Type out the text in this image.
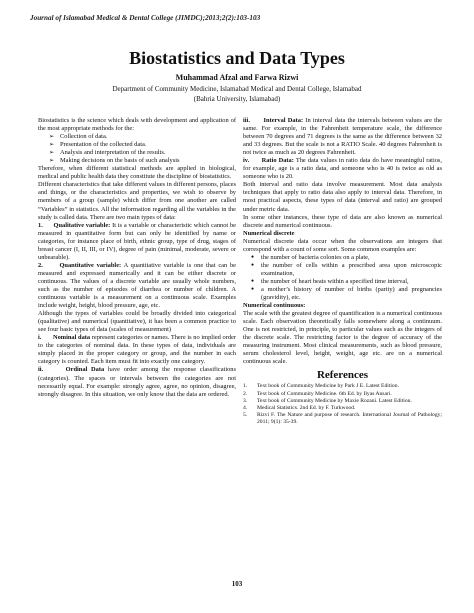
Journal of Islamabad Medical & Dental College (JIMDC);2013;2(2):103-103
Biostatistics and Data Types
Muhammad Afzal and Farwa Rizwi
Department of Community Medicine, Islamabad Medical and Dental College, Islamabad
(Bahria University, Islamabad)

Biostatistics is the science which deals with development and application of the most appropriate methods for the:

➢ Collection of data.
➢ Presentation of the collected data.
➢ Analysis and interpretation of the results.
➢ Making decisions on the basis of such analysis

Therefore, when different statistical methods are applied in biological, medical and public health data they constitute the discipline of biostatistics.

Different characteristics that take different values in different persons, places and things, or the characteristics and properties, we wish to observe by members of a group (sample) which differ from one another are called “Variables” in statistics. All the information regarding all the variables in the study is called data. There are two main types of data:

1. Qualitative variable: It is a variable or characteristic which cannot be measured in quantitative form but can only be identified by name or categories, for instance place of birth, ethnic group, type of drug, stages of breast cancer (I, II, III, or IV), degree of pain (minimal, moderate, severe or unbearable).

2.	Quantitative variable: A quantitative variable is one that can be measured and expressed numerically and it can be either discrete or continuous. The values of a discrete variable are usually whole numbers, such as the number of episodes of diarrhea or number of children. A continuous variable is a measurement on a continuous scale. Examples include weight, height, blood pressure, age, etc.

Although the types of variables could be broadly divided into categorical (qualitative) and numerical (quantitative), it has been a common practice to see four basic types of data (scales of measurement)

i. Nominal data represent categories or names. There is no implied order to the categories of nominal data. In these types of data, individuals are simply placed in the proper category or group, and the number in each category is counted. Each item must fit into exactly one category.

ii.	Ordinal Data have order among the response classifications (categories). The spaces or intervals between the categories are not necessarily equal. For example: strongly agree, agree, no opinion, disagree, strongly disagree. In this situation, we only know that the data are ordered.

iii. Interval Data: In interval data the intervals between values are the same. For example, in the Fahrenheit temperature scale, the difference between 70 degrees and 71 degrees is the same as the difference between 32 and 33 degrees. But the scale is not a RATIO Scale. 40 degrees Fahrenheit is not twice as much as 20 degrees Fahrenheit.

iv. Ratio Data: The data values in ratio data do have meaningful ratios, for example, age is a ratio data, and someone who is 40 is twice as old as someone who is 20.

Both interval and ratio data involve measurement. Most data analysis techniques that apply to ratio data also apply to interval data. Therefore, in most practical aspects, these types of data (interval and ratio) are grouped under metric data.

In some other instances, these type of data are also known as numerical discrete and numerical continuous.

Numerical discrete

Numerical discrete data occur when the observations are integers that correspond with a count of some sort. Some common examples are:

● the number of bacteria colonies on a plate,
● the number of cells within a prescribed area upon microscopic examination,
● the number of heart beats within a specified time interval,
● a mother’s history of number of births (parity) and pregnancies (gravidity), etc.

Numerical continuous:

The scale with the greatest degree of quantification is a numerical continuous scale. Each observation theoretically falls somewhere along a continuum. One is not restricted, in principle, to particular values such as the integers of the discrete scale. The restricting factor is the degree of accuracy of the measuring instrument. Most clinical measurements, such as blood pressure, serum cholesterol level, height, weight, age etc. are on a numerical continuous scale.

References
1.	Text book of Community Medicine by Park J E. Latest Edition.
2.	Text book of Community Medicine. 6th Ed. by Ilyas Ansari.
3.	Text book of Community Medicine by Maxie Rozani. Latest Edition.
4.	Medical Statistics. 2nd Ed. by F. Turkwood.
5.	Rizvi F. The Nature and purpose of research. International Journal of Pathology; 2011; 9(1): 35-39.
103
